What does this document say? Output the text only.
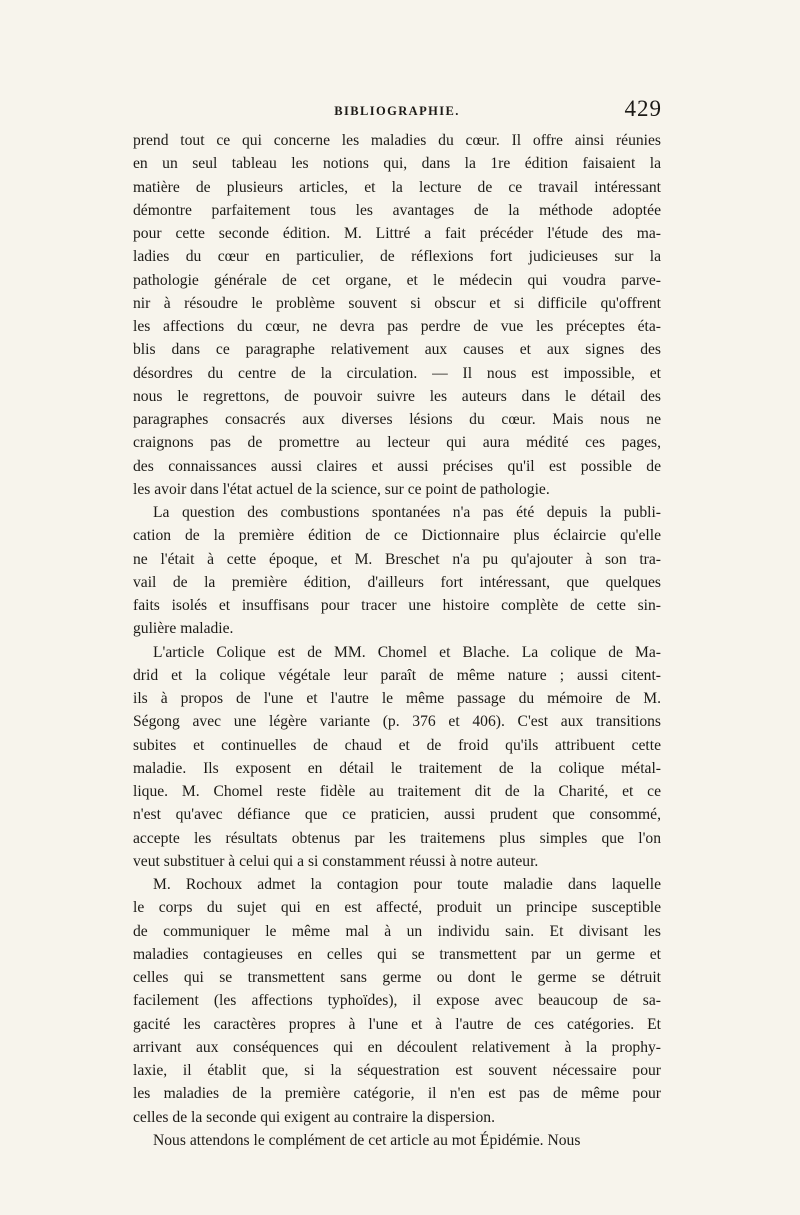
BIBLIOGRAPHIE.	429
prend tout ce qui concerne les maladies du cœur. Il offre ainsi réunies
en un seul tableau les notions qui, dans la 1re édition faisaient la
matière de plusieurs articles, et la lecture de ce travail intéressant
démontre parfaitement tous les avantages de la méthode adoptée
pour cette seconde édition. M. Littré a fait précéder l'étude des ma-
ladies du cœur en particulier, de réflexions fort judicieuses sur la
pathologie générale de cet organe, et le médecin qui voudra parve-
nir à résoudre le problème souvent si obscur et si difficile qu'offrent
les affections du cœur, ne devra pas perdre de vue les préceptes éta-
blis dans ce paragraphe relativement aux causes et aux signes des
désordres du centre de la circulation. — Il nous est impossible, et
nous le regrettons, de pouvoir suivre les auteurs dans le détail des
paragraphes consacrés aux diverses lésions du cœur. Mais nous ne
craignons pas de promettre au lecteur qui aura médité ces pages,
des connaissances aussi claires et aussi précises qu'il est possible de
les avoir dans l'état actuel de la science, sur ce point de pathologie.
La question des combustions spontanées n'a pas été depuis la publi-
cation de la première édition de ce Dictionnaire plus éclaircie qu'elle
ne l'était à cette époque, et M. Breschet n'a pu qu'ajouter à son tra-
vail de la première édition, d'ailleurs fort intéressant, que quelques
faits isolés et insuffisans pour tracer une histoire complète de cette sin-
gulière maladie.
L'article Colique est de MM. Chomel et Blache. La colique de Ma-
drid et la colique végétale leur paraît de même nature ; aussi citent-
ils à propos de l'une et l'autre le même passage du mémoire de M.
Ségong avec une légère variante (p. 376 et 406). C'est aux transitions
subites et continuelles de chaud et de froid qu'ils attribuent cette
maladie. Ils exposent en détail le traitement de la colique métal-
lique. M. Chomel reste fidèle au traitement dit de la Charité, et ce
n'est qu'avec défiance que ce praticien, aussi prudent que consommé,
accepte les résultats obtenus par les traitemens plus simples que l'on
veut substituer à celui qui a si constamment réussi à notre auteur.
M. Rochoux admet la contagion pour toute maladie dans laquelle
le corps du sujet qui en est affecté, produit un principe susceptible
de communiquer le même mal à un individu sain. Et divisant les
maladies contagieuses en celles qui se transmettent par un germe et
celles qui se transmettent sans germe ou dont le germe se détruit
facilement (les affections typhoïdes), il expose avec beaucoup de sa-
gacité les caractères propres à l'une et à l'autre de ces catégories. Et
arrivant aux conséquences qui en découlent relativement à la prophy-
laxie, il établit que, si la séquestration est souvent nécessaire pour
les maladies de la première catégorie, il n'en est pas de même pour
celles de la seconde qui exigent au contraire la dispersion.
Nous attendons le complément de cet article au mot Épidémie. Nous
